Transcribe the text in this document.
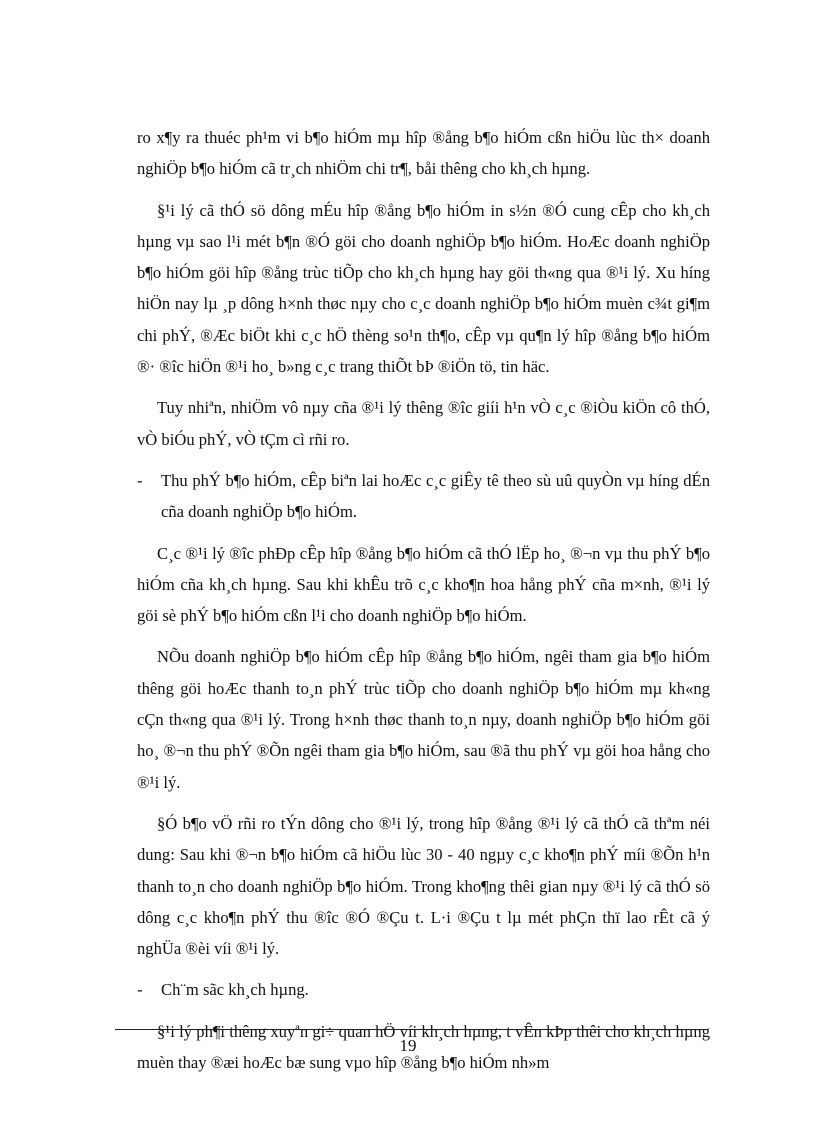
ro x¶y ra thuéc ph¹m vi b¶o hiÓm mµ hîp ®ång b¶o hiÓm cßn hiÖu lùc th× doanh nghiÖp b¶o hiÓm cã tr¸ch nhiÖm chi tr¶, båi thêng cho kh¸ch hµng.

§¹i lý cã thÓ sö dông mÉu hîp ®ång b¶o hiÓm in s½n ®Ó cung cÊp cho kh¸ch hµng vµ sao l¹i mét b¶n ®Ó göi cho doanh nghiÖp b¶o hiÓm. HoÆc doanh nghiÖp b¶o hiÓm göi hîp ®ång trùc tiÕp cho kh¸ch hµng hay göi th«ng qua ®¹i lý. Xu híng hiÖn nay lµ ¸p dông h×nh thøc nµy cho c¸c doanh nghiÖp b¶o hiÓm muèn c¾t gi¶m chi phÝ, ®Æc biÖt khi c¸c hÖ thèng so¹n th¶o, cÊp vµ qu¶n lý hîp ®ång b¶o hiÓm ®· ®îc hiÖn ®¹i ho¸ b»ng c¸c trang thiÕt bÞ ®iÖn tö, tin häc.

Tuy nhiªn, nhiÖm vô nµy cña ®¹i lý thêng ®îc giíi h¹n vÒ c¸c ®iÒu kiÖn cô thÓ, vÒ biÓu phÝ, vÒ tÇm cì rñi ro.

-	Thu phÝ b¶o hiÓm, cÊp biªn lai hoÆc c¸c giÊy tê theo sù uû quyÒn vµ híng dÉn cña doanh nghiÖp b¶o hiÓm.

C¸c ®¹i lý ®îc phÐp cÊp hîp ®ång b¶o hiÓm cã thÓ lËp ho¸ ®¬n vµ thu phÝ b¶o hiÓm cña kh¸ch hµng. Sau khi khÊu trõ c¸c kho¶n hoa hång phÝ cña m×nh, ®¹i lý göi sè phÝ b¶o hiÓm cßn l¹i cho doanh nghiÖp b¶o hiÓm.

NÕu doanh nghiÖp b¶o hiÓm cÊp hîp ®ång b¶o hiÓm, ngêi tham gia b¶o hiÓm thêng göi hoÆc thanh to¸n phÝ trùc tiÕp cho doanh nghiÖp b¶o hiÓm mµ kh«ng cÇn th«ng qua ®¹i lý. Trong h×nh thøc thanh to¸n nµy, doanh nghiÖp b¶o hiÓm göi ho¸ ®¬n thu phÝ ®Õn ngêi tham gia b¶o hiÓm, sau ®ã thu phÝ vµ göi hoa hång cho ®¹i lý.

§Ó b¶o vÖ rñi ro tÝn dông cho ®¹i lý, trong hîp ®ång ®¹i lý cã thÓ cã thªm néi dung: Sau khi ®¬n b¶o hiÓm cã hiÖu lùc 30 - 40 ngµy c¸c kho¶n phÝ míi ®Õn h¹n thanh to¸n cho doanh nghiÖp b¶o hiÓm. Trong kho¶ng thêi gian nµy ®¹i lý cã thÓ sö dông c¸c kho¶n phÝ thu ®îc ®Ó ®Çu t. L·i ®Çu t lµ mét phÇn thï lao rÊt cã ý nghÜa ®èi víi ®¹i lý.

-	Ch¨m sãc kh¸ch hµng.

§¹i lý ph¶i thêng xuyªn gi÷ quan hÖ víi kh¸ch hµng, t vÊn kÞp thêi cho kh¸ch hµng muèn thay ®æi hoÆc bæ sung vµo hîp ®ång b¶o hiÓm nh»m

19
